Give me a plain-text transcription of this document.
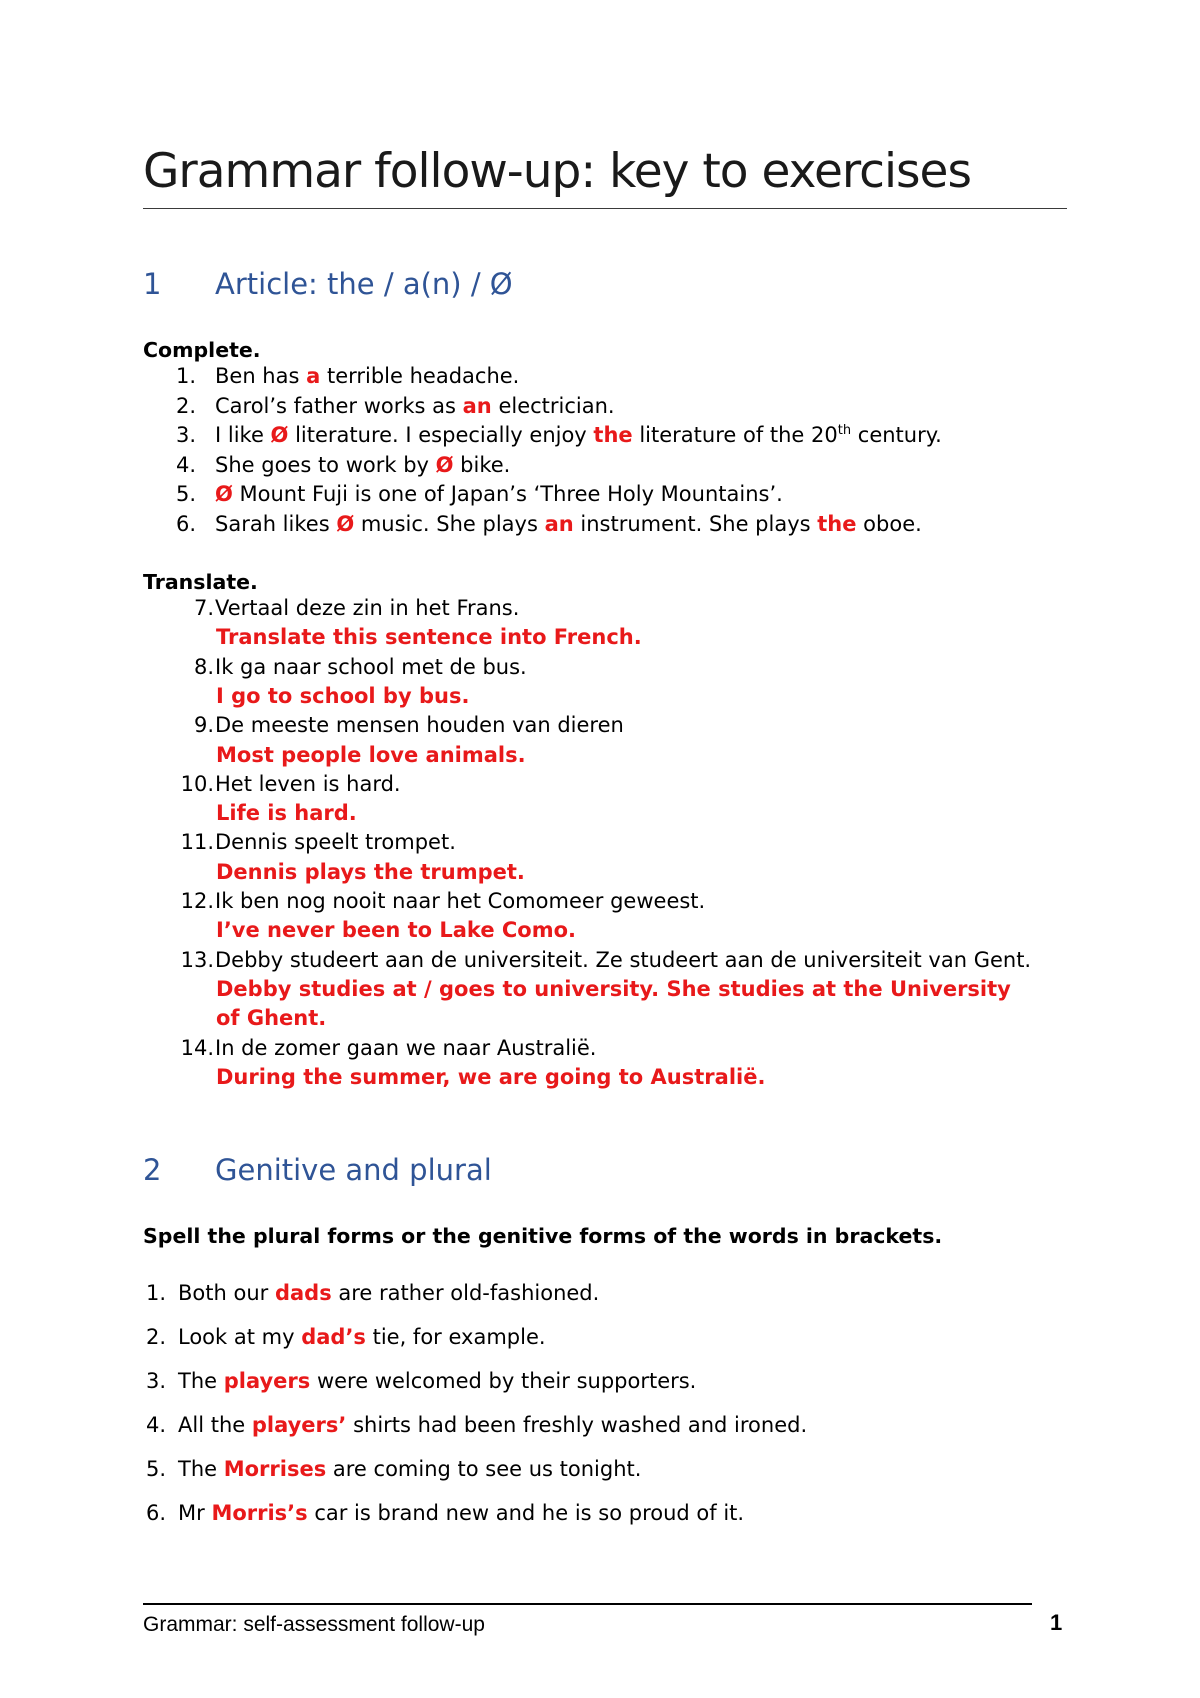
Grammar follow-up: key to exercises
1 Article: the / a(n) / Ø
Complete.
1. Ben has a terrible headache.
2. Carol’s father works as an electrician.
3. I like Ø literature. I especially enjoy the literature of the 20th century.
4. She goes to work by Ø bike.
5. Ø Mount Fuji is one of Japan’s ‘Three Holy Mountains’.
6. Sarah likes Ø music. She plays an instrument. She plays the oboe.
Translate.
7. Vertaal deze zin in het Frans.
Translate this sentence into French.
8. Ik ga naar school met de bus.
I go to school by bus.
9. De meeste mensen houden van dieren
Most people love animals.
10. Het leven is hard.
Life is hard.
11. Dennis speelt trompet.
Dennis plays the trumpet.
12. Ik ben nog nooit naar het Comomeer geweest.
I’ve never been to Lake Como.
13. Debby studeert aan de universiteit. Ze studeert aan de universiteit van Gent.
Debby studies at / goes to university. She studies at the University
of Ghent.
14. In de zomer gaan we naar Australië.
During the summer, we are going to Australië.
2 Genitive and plural
Spell the plural forms or the genitive forms of the words in brackets.
1. Both our dads are rather old-fashioned.
2. Look at my dad’s tie, for example.
3. The players were welcomed by their supporters.
4. All the players’ shirts had been freshly washed and ironed.
5. The Morrises are coming to see us tonight.
6. Mr Morris’s car is brand new and he is so proud of it.
Grammar: self-assessment follow-up	1
